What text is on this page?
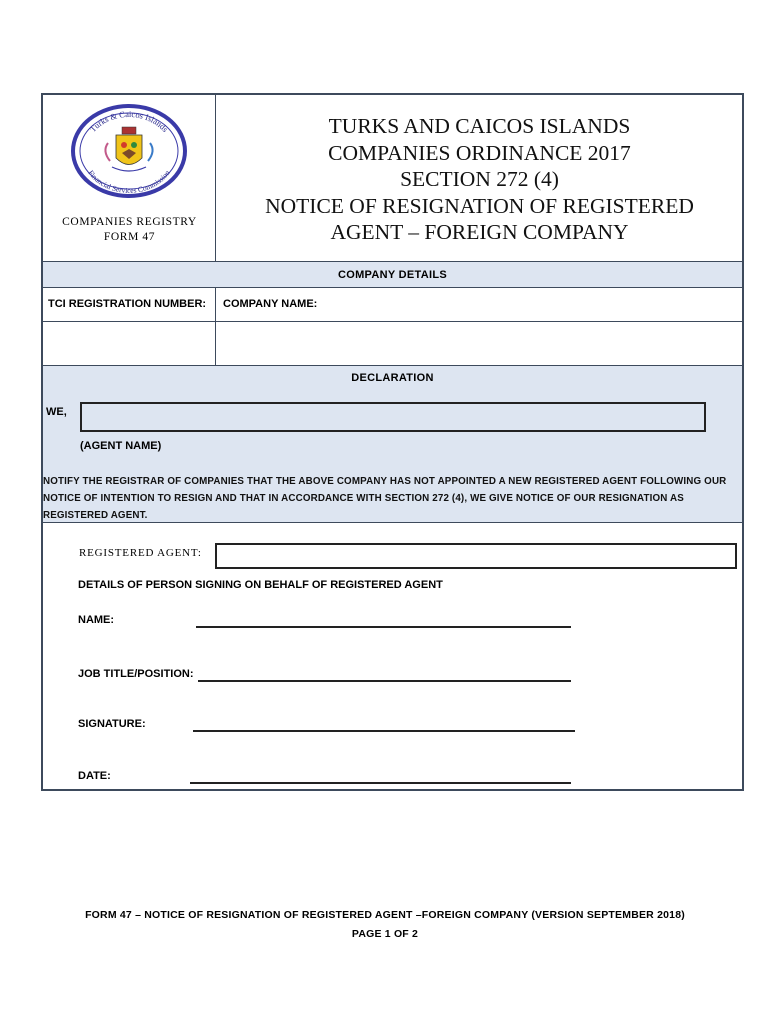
Turks & Caicos Islands
Financial Services Commission
COMPANIES REGISTRY
FORM 47
TURKS AND CAICOS ISLANDS
COMPANIES ORDINANCE 2017
SECTION 272 (4)
NOTICE OF RESIGNATION OF REGISTERED
AGENT – FOREIGN COMPANY
COMPANY DETAILS
TCI REGISTRATION NUMBER: COMPANY NAME:
DECLARATION
WE,
(AGENT NAME)
NOTIFY THE REGISTRAR OF COMPANIES THAT THE ABOVE COMPANY HAS NOT APPOINTED A NEW REGISTERED AGENT FOLLOWING OUR
NOTICE OF INTENTION TO RESIGN AND THAT IN ACCORDANCE WITH SECTION 272 (4), WE GIVE NOTICE OF OUR RESIGNATION AS
REGISTERED AGENT.
REGISTERED AGENT:
DETAILS OF PERSON SIGNING ON BEHALF OF REGISTERED AGENT
NAME:
JOB TITLE/POSITION:
SIGNATURE:
DATE:
FORM 47 – NOTICE OF RESIGNATION OF REGISTERED AGENT –FOREIGN COMPANY (VERSION SEPTEMBER 2018)
PAGE 1 OF 2
